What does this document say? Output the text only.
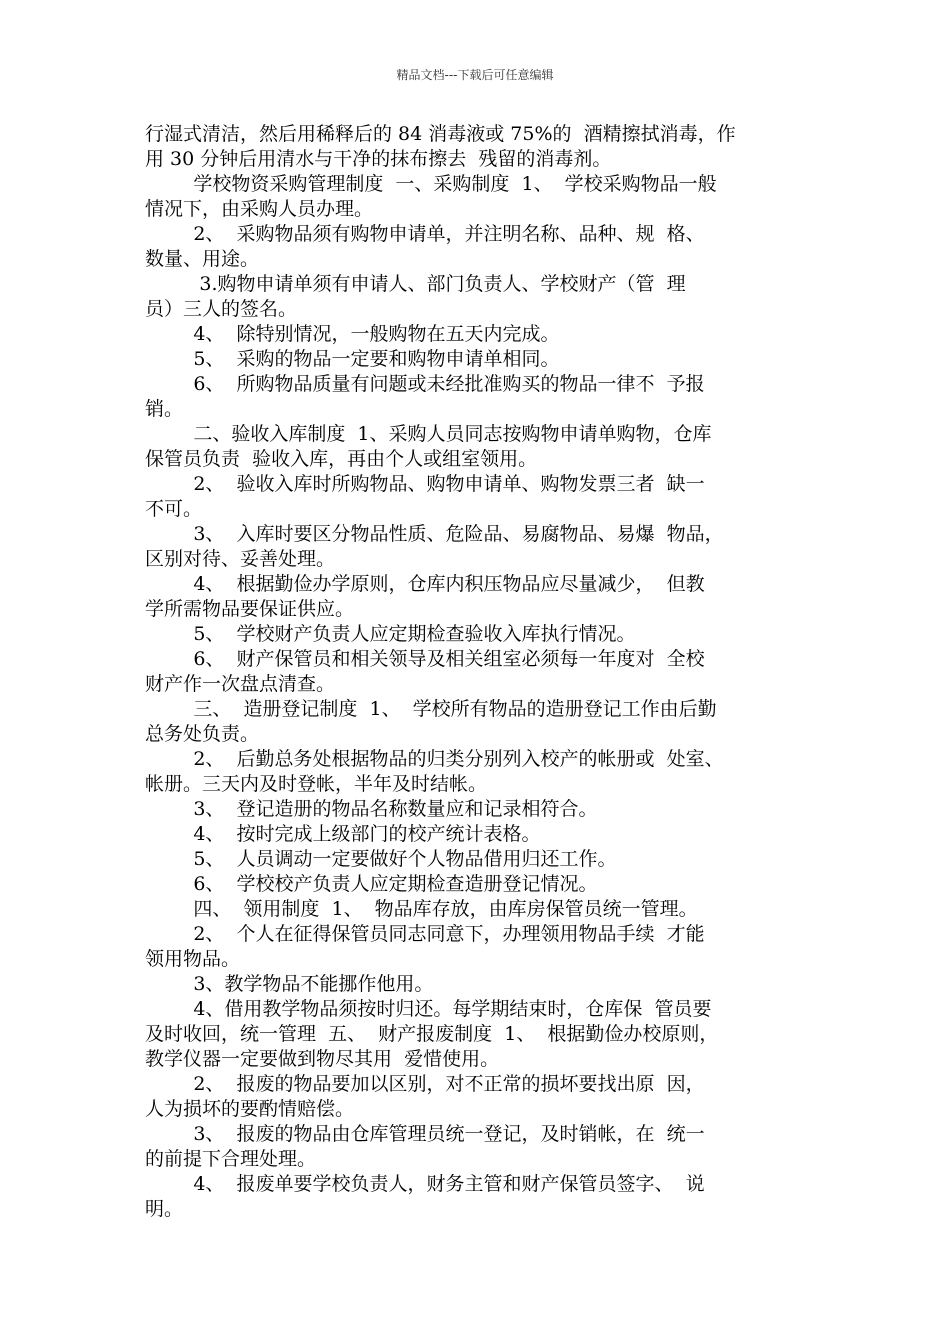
精品文档---下载后可任意编辑
行湿式清洁，然后用稀释后的 84 消毒液或 75%的  酒精擦拭消毒，作
用 30 分钟后用清水与干净的抹布擦去  残留的消毒剂。
学校物资采购管理制度  一、采购制度  1、  学校采购物品一般
情况下，由采购人员办理。
2、  采购物品须有购物申请单，并注明名称、品种、规  格、
数量、用途。
3.购物申请单须有申请人、部门负责人、学校财产（管  理
员）三人的签名。
4、  除特别情况，一般购物在五天内完成。
5、  采购的物品一定要和购物申请单相同。
6、  所购物品质量有问题或未经批准购买的物品一律不  予报
销。
二、验收入库制度  1、采购人员同志按购物申请单购物，仓库
保管员负责  验收入库，再由个人或组室领用。
2、  验收入库时所购物品、购物申请单、购物发票三者  缺一
不可。
3、  入库时要区分物品性质、危险品、易腐物品、易爆  物品，
区别对待、妥善处理。
4、  根据勤俭办学原则，仓库内积压物品应尽量减少，  但教
学所需物品要保证供应。
5、  学校财产负责人应定期检查验收入库执行情况。
6、  财产保管员和相关领导及相关组室必须每一年度对  全校
财产作一次盘点清查。
三、  造册登记制度  1、  学校所有物品的造册登记工作由后勤
总务处负责。
2、  后勤总务处根据物品的归类分别列入校产的帐册或  处室、
帐册。三天内及时登帐，半年及时结帐。
3、  登记造册的物品名称数量应和记录相符合。
4、  按时完成上级部门的校产统计表格。
5、  人员调动一定要做好个人物品借用归还工作。
6、  学校校产负责人应定期检查造册登记情况。
四、  领用制度  1、  物品库存放，由库房保管员统一管理。
2、  个人在征得保管员同志同意下，办理领用物品手续  才能
领用物品。
3、教学物品不能挪作他用。
4、借用教学物品须按时归还。每学期结束时，仓库保  管员要
及时收回，统一管理  五、  财产报废制度  1、  根据勤俭办校原则，
教学仪器一定要做到物尽其用  爱惜使用。
2、  报废的物品要加以区别，对不正常的损坏要找出原  因，
人为损坏的要酌情赔偿。
3、  报废的物品由仓库管理员统一登记，及时销帐，在  统一
的前提下合理处理。
4、  报废单要学校负责人，财务主管和财产保管员签字、  说
明。
